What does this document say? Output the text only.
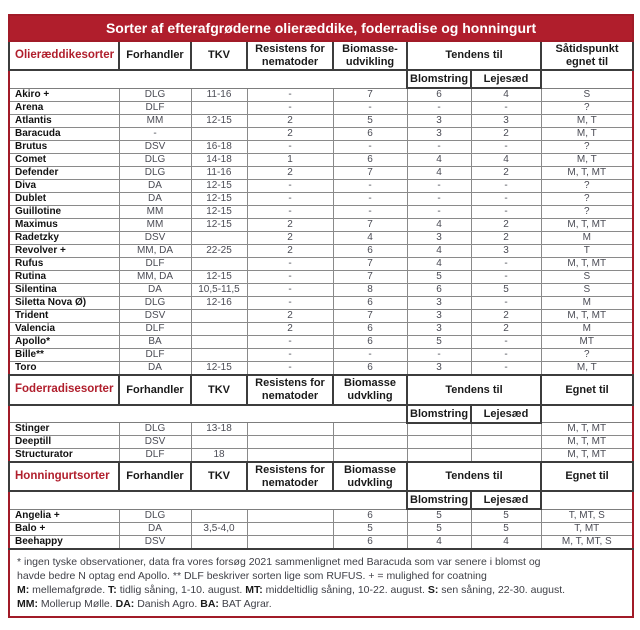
Sorter af efterafgrøderne olieræddike, foderradise og honningurt							
Olieræddikesorter	Forhandler	TKV	Resistens for nematoder	Biomasse-udvikling	Tendens til		Såtidspunkt egnet til
					Blomstring	Lejesæd	
Akiro +	DLG	11-16	-	7	6	4	S
Arena	DLF		-	-	-	-	?
Atlantis	MM	12-15	2	5	3	3	M, T
Baracuda	-		2	6	3	2	M, T
Brutus	DSV	16-18	-	-	-	-	?
Comet	DLG	14-18	1	6	4	4	M, T
Defender	DLG	11-16	2	7	4	2	M, T, MT
Diva	DA	12-15	-	-	-	-	?
Dublet	DA	12-15	-	-	-	-	?
Guillotine	MM	12-15	-	-	-	-	?
Maximus	MM	12-15	2	7	4	2	M, T, MT
Radetzky	DSV		2	4	3	2	M
Revolver +	MM, DA	22-25	2	6	4	3	T
Rufus	DLF		-	7	4	-	M, T, MT
Rutina	MM, DA	12-15	-	7	5	-	S
Silentina	DA	10,5-11,5	-	8	6	5	S
Siletta Nova Ø)	DLG	12-16	-	6	3	-	M
Trident	DSV		2	7	3	2	M, T, MT
Valencia	DLF		2	6	3	2	M
Apollo*	BA		-	6	5	-	MT
Bille**	DLF		-	-	-	-	?
Toro	DA	12-15	-	6	3	-	M, T
Foderradisesorter	Forhandler	TKV	Resistens for nematoder	Biomasse udvkling	Tendens til		Egnet til
					Blomstring	Lejesæd	
Stinger	DLG	13-18					M, T, MT
Deeptill	DSV						M, T, MT
Structurator	DLF	18					M, T, MT
Honningurtsorter	Forhandler	TKV	Resistens for nematoder	Biomasse udvkling	Tendens til		Egnet til
					Blomstring	Lejesæd	
Angelia +	DLG			6	5	5	T, MT, S
Balo +	DA	3,5-4,0		5	5	5	T, MT
Beehappy	DSV			6	4	4	M, T, MT, S

* ingen tyske observationer, data fra vores forsøg 2021 sammenlignet med Baracuda som var senere i blomst og
havde bedre N optag end Apollo. ** DLF beskriver sorten lige som RUFUS. + = mulighed for coatning
M: mellemafgrøde. T: tidlig såning, 1-10. august. MT: middeltidlig såning, 10-22. august. S: sen såning, 22-30. august.
MM: Mollerup Mølle. DA: Danish Agro. BA: BAT Agrar.							
